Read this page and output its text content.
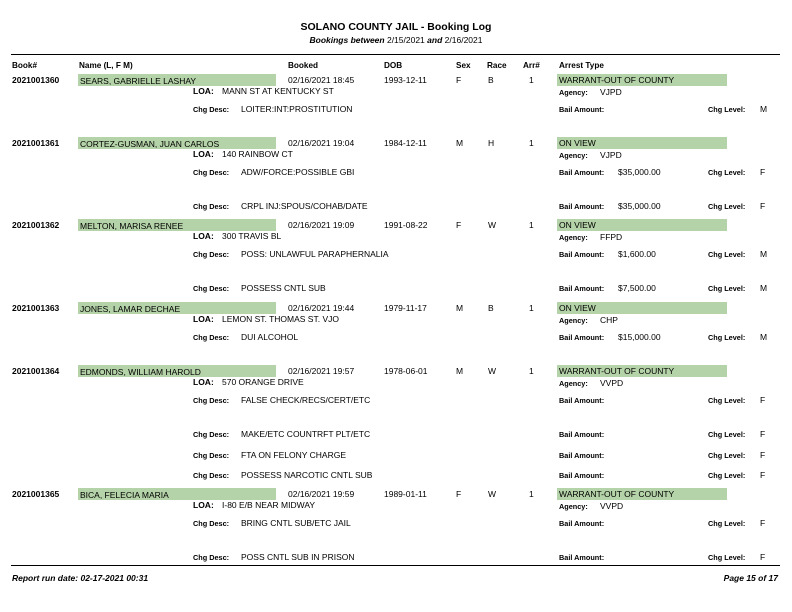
SOLANO COUNTY JAIL - Booking Log
Bookings between 2/15/2021 and 2/16/2021
Book#	Name (L, F M)	Booked	DOB	Sex Race Arr# Arrest Type
2021001360 SEARS, GABRIELLE LASHAY	02/16/2021 18:45	1993-12-11	F	B	1	WARRANT-OUT OF COUNTY
LOA: MANN ST AT KENTUCKY ST	Agency: VJPD
Chg Desc: LOITER:INT:PROSTITUTION	Bail Amount:	Chg Level: M
2021001361 CORTEZ-GUSMAN, JUAN CARLOS	02/16/2021 19:04	1984-12-11	M	H	1	ON VIEW
LOA: 140 RAINBOW CT	Agency: VJPD
Chg Desc: ADW/FORCE:POSSIBLE GBI	Bail Amount: $35,000.00	Chg Level: F
Chg Desc: CRPL INJ:SPOUS/COHAB/DATE	Bail Amount: $35,000.00	Chg Level: F
2021001362 MELTON, MARISA RENEE	02/16/2021 19:09	1991-08-22	F	W	1	ON VIEW
LOA: 300 TRAVIS BL	Agency: FFPD
Chg Desc: POSS: UNLAWFUL PARAPHERNALIA	Bail Amount: $1,600.00	Chg Level: M
Chg Desc: POSSESS CNTL SUB	Bail Amount: $7,500.00	Chg Level: M
2021001363 JONES, LAMAR DECHAE	02/16/2021 19:44	1979-11-17	M	B	1	ON VIEW
LOA: LEMON ST. THOMAS ST. VJO	Agency: CHP
Chg Desc: DUI ALCOHOL	Bail Amount: $15,000.00	Chg Level: M
2021001364 EDMONDS, WILLIAM HAROLD	02/16/2021 19:57	1978-06-01	M	W	1	WARRANT-OUT OF COUNTY
LOA: 570 ORANGE DRIVE	Agency: VVPD
Chg Desc: FALSE CHECK/RECS/CERT/ETC	Bail Amount:	Chg Level: F
Chg Desc: MAKE/ETC COUNTRFT PLT/ETC	Bail Amount:	Chg Level: F
Chg Desc: FTA ON FELONY CHARGE	Bail Amount:	Chg Level: F
Chg Desc: POSSESS NARCOTIC CNTL SUB	Bail Amount:	Chg Level: F
2021001365 BICA, FELECIA MARIA	02/16/2021 19:59	1989-01-11	F	W	1	WARRANT-OUT OF COUNTY
LOA: I-80 E/B NEAR MIDWAY	Agency: VVPD
Chg Desc: BRING CNTL SUB/ETC JAIL	Bail Amount:	Chg Level: F
Chg Desc: POSS CNTL SUB IN PRISON	Bail Amount:	Chg Level: F
Report run date: 02-17-2021 00:31	Page 15 of 17
